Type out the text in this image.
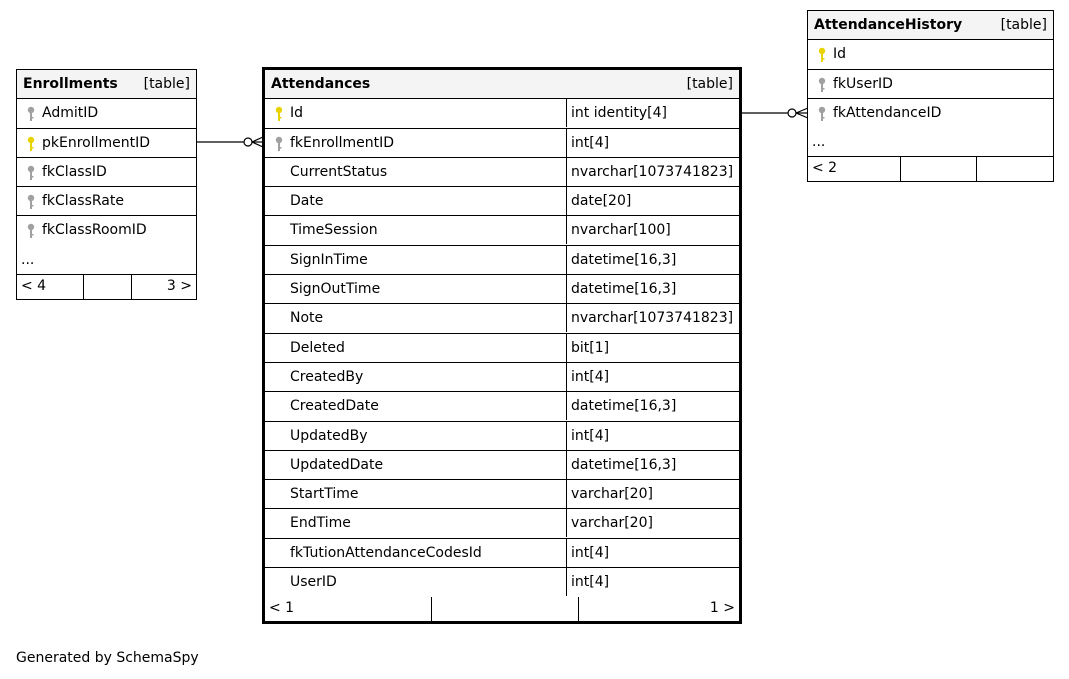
Enrollments [table]
AdmitID
pkEnrollmentID
fkClassID
fkClassRate
fkClassRoomID
...
< 4	3 >
Attendances	[table]
Id	int identity[4]
fkEnrollmentID	int[4]
CurrentStatus	nvarchar[1073741823]
Date	date[20]
TimeSession	nvarchar[100]
SignInTime	datetime[16,3]
SignOutTime	datetime[16,3]
Note	nvarchar[1073741823]
Deleted	bit[1]
CreatedBy	int[4]
CreatedDate	datetime[16,3]
UpdatedBy	int[4]
UpdatedDate	datetime[16,3]
StartTime	varchar[20]
EndTime	varchar[20]
fkTutionAttendanceCodesId	int[4]
UserID	int[4]
< 1	1 >
AttendanceHistory	[table]
Id
fkUserID
fkAttendanceID
...
< 2
Generated by SchemaSpy
